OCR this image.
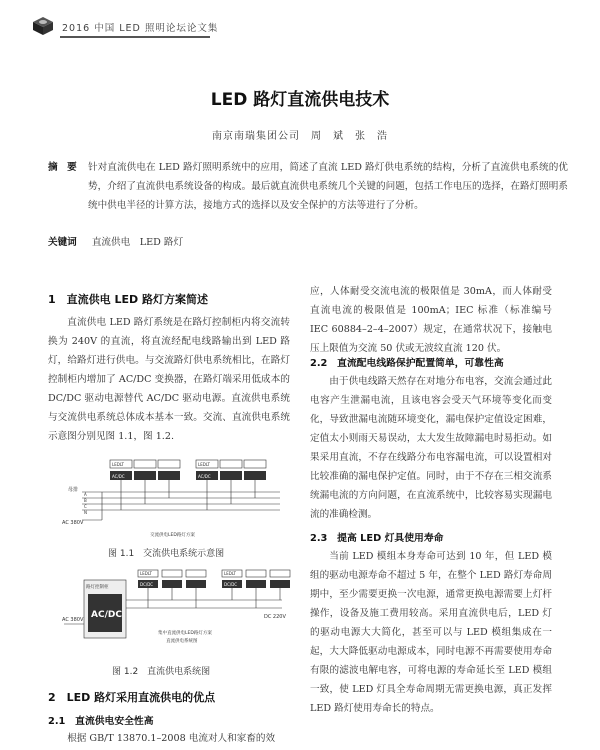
2016 中国 LED 照明论坛论文集
LED 路灯直流供电技术
南京南瑞集团公司　周　斌　张　浩
摘　要 针对直流供电在 LED 路灯照明系统中的应用，简述了直流 LED 路灯供电系统的结构，分析了直流供电系统的优势，介绍了直流供电系统设备的构成。最后就直流供电系统几个关键的问题，包括工作电压的选择，在路灯照明系统中供电半径的计算方法，接地方式的选择以及安全保护的方法等进行了分析。
关键词 直流供电　LED 路灯
1　直流供电 LED 路灯方案简述

直流供电 LED 路灯系统是在路灯控制柜内将交流转换为 240V 的直流，将直流经配电线路输出到 LED 路灯，给路灯进行供电。与交流路灯供电系统相比，在路灯控制柜内增加了 AC/DC 变换器，在路灯端采用低成本的 DC/DC 驱动电源替代 AC/DC 驱动电源。直流供电系统与交流供电系统总体成本基本一致。交流、直流供电系统示意图分别见图 1.1，图 1.2.

LEDLT
AC/DC
LEDLT
AC/DC
母排
A
B
C
N
AC 380V
交流供电LED路灯方案
图 1.1　交流供电系统示意图
路灯控制柜
AC/DC
LEDLT
DC/DC
LEDLT
DC/DC
AC 380V	DC 220V
集中直流供电LED路灯方案
直流供电系统图
图 1.2　直流供电系统图
2　LED 路灯采用直流供电的优点
2.1　直流供电安全性高

根据 GB/T 13870.1–2008 电流对人和家畜的效

应，人体耐受交流电流的极限值是 30mA，而人体耐受直流电流的极限值是 100mA；IEC 标准（标准编号 IEC 60884–2–4–2007）规定，在通常状况下，接触电压上限值为交流 50 伏或无波纹直流 120 伏。

2.2　直流配电线路保护配置简单，可靠性高

由于供电线路天然存在对地分布电容，交流会通过此电容产生泄漏电流，且该电容会受天气环境等变化而变化，导致泄漏电流随环境变化，漏电保护定值设定困难，定值太小则雨天易误动，太大发生故障漏电时易拒动。如果采用直流，不存在线路分布电容漏电流，可以设置相对比较准确的漏电保护定值。同时，由于不存在三相交流系统漏电流的方向问题，在直流系统中，比较容易实现漏电流的准确检测。

2.3　提高 LED 灯具使用寿命

当前 LED 模组本身寿命可达到 10 年，但 LED 模组的驱动电源寿命不超过 5 年，在整个 LED 路灯寿命周期中，至少需要更换一次电源，通常更换电源需要上灯杆操作，设备及施工费用较高。采用直流供电后，LED 灯的驱动电源大大简化，甚至可以与 LED 模组集成在一起，大大降低驱动电源成本，同时电源不再需要使用寿命有限的滤波电解电容，可将电源的寿命延长至 LED 模组一致，使 LED 灯具全寿命周期无需更换电源，真正发挥 LED 路灯使用寿命长的特点。
